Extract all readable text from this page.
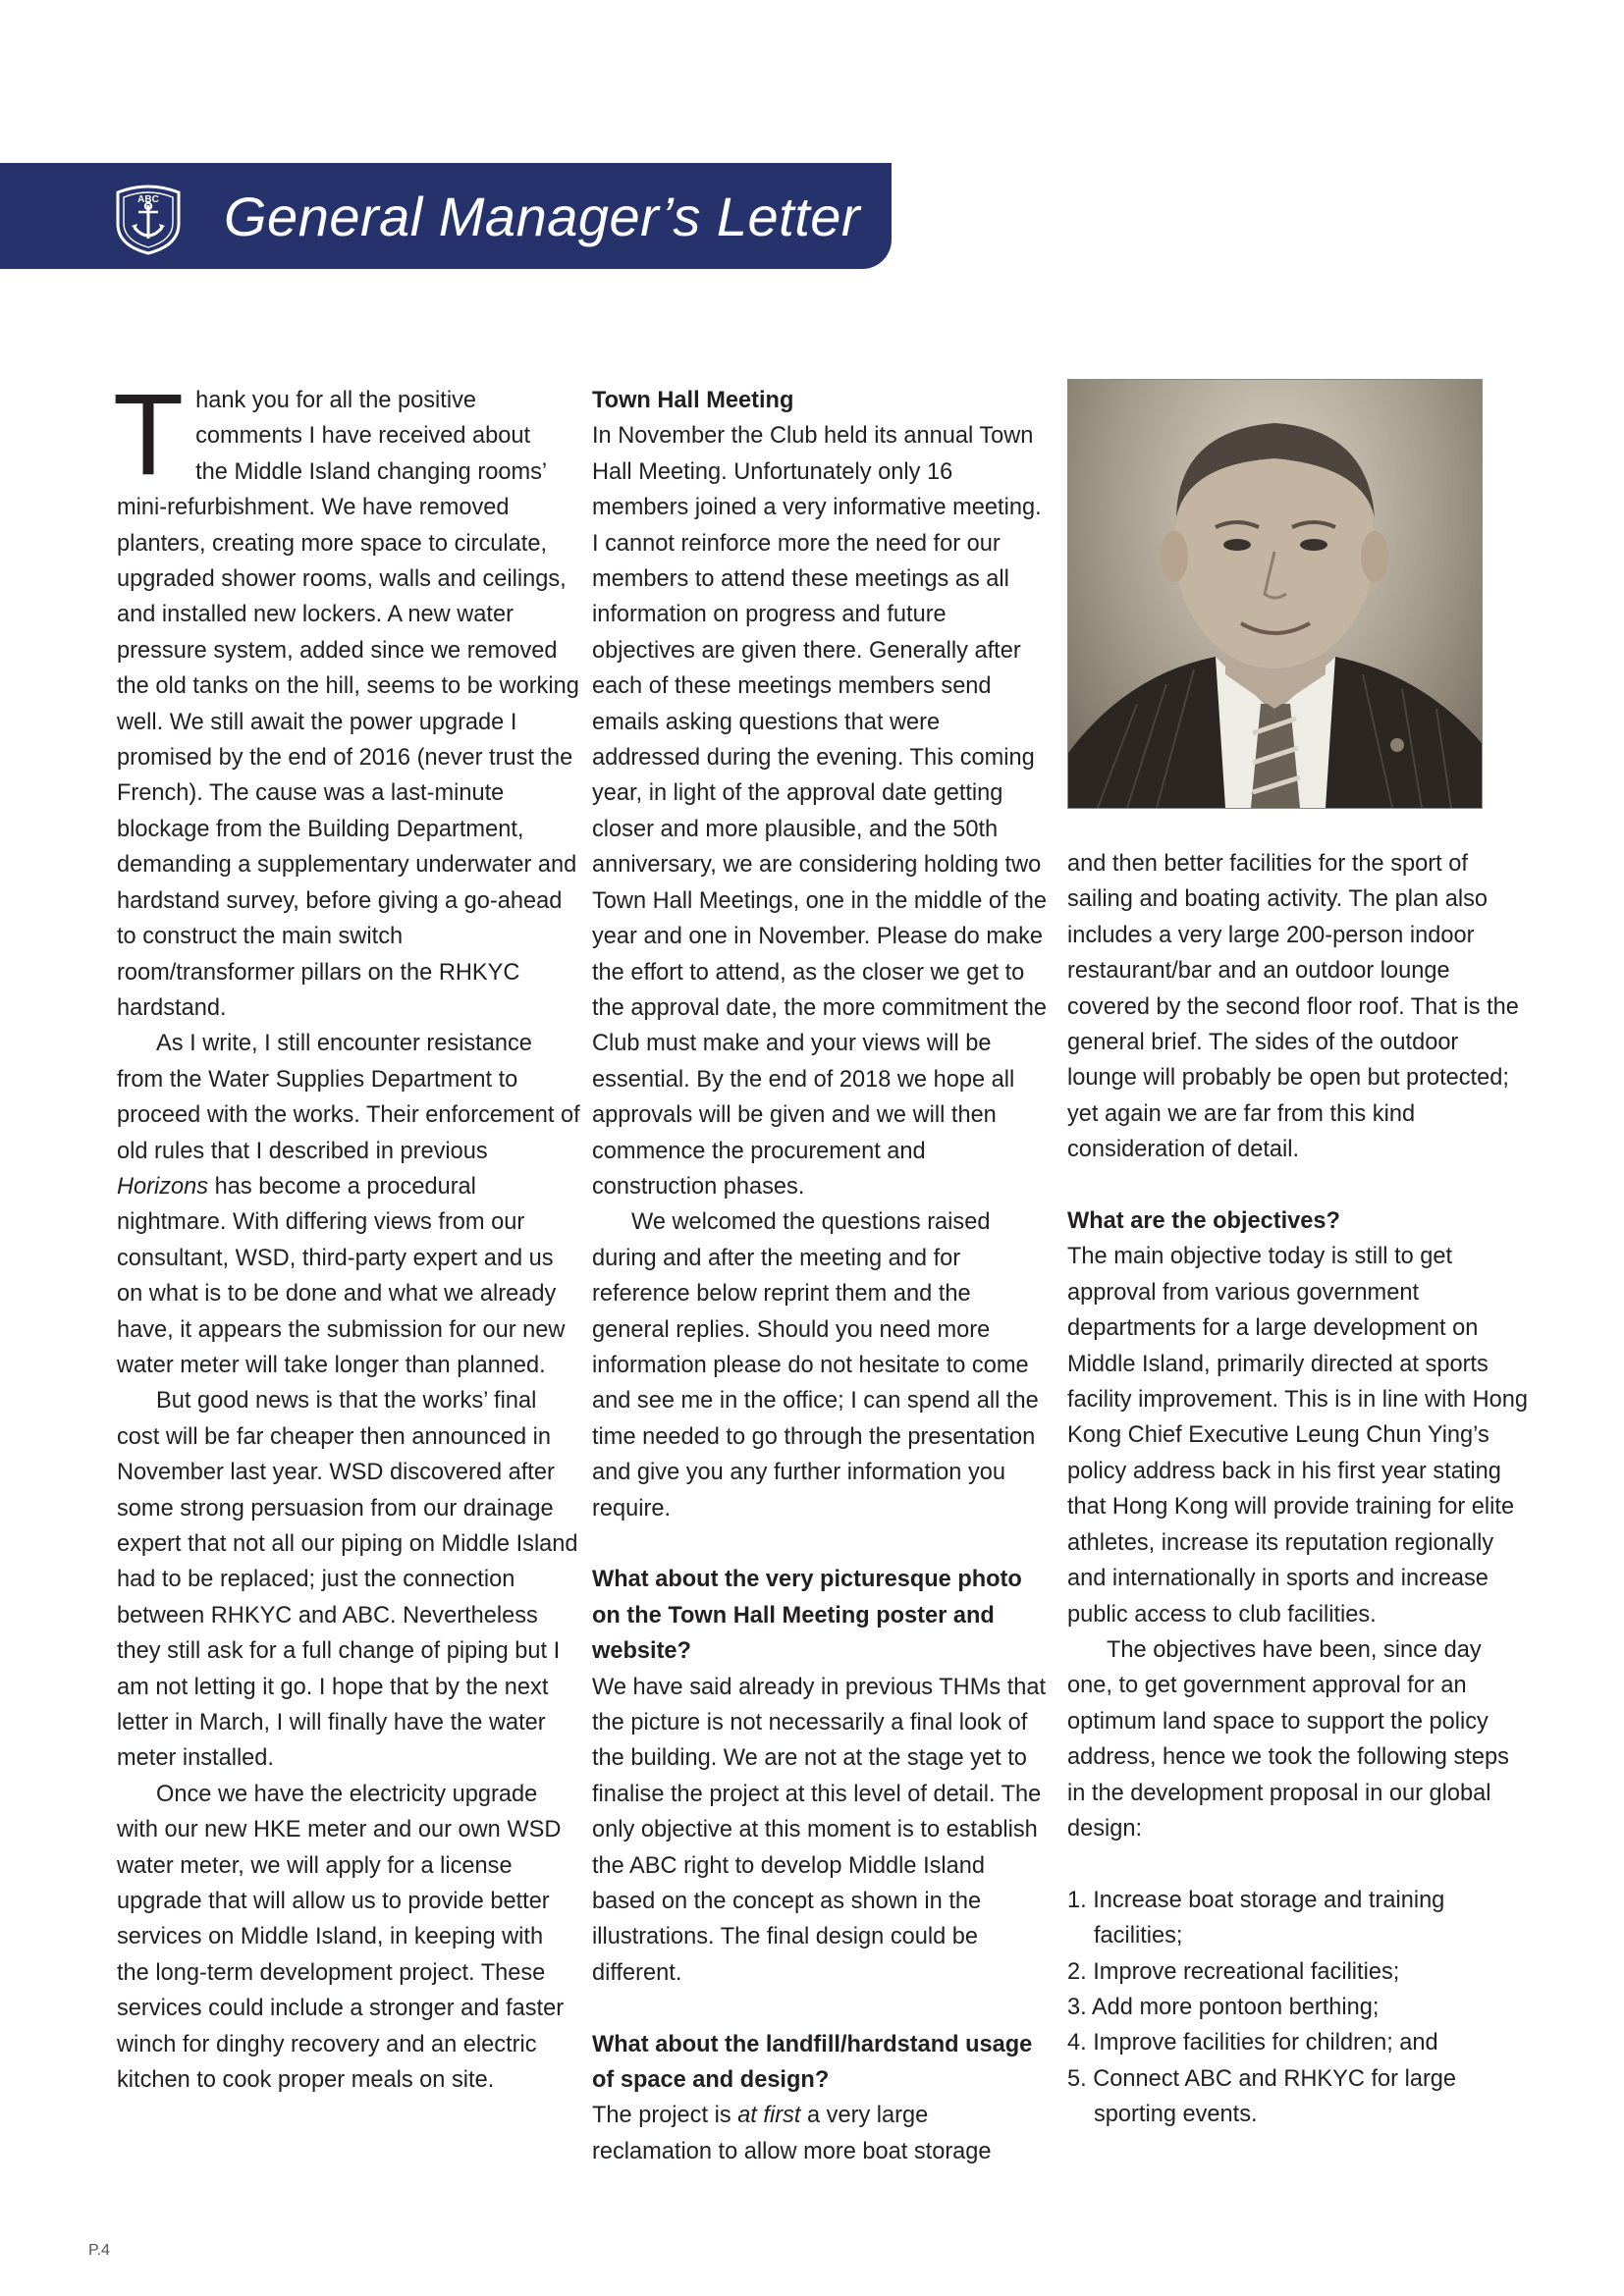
ABC General Manager’s Letter

T hank you for all the positive
comments I have received about
the Middle Island changing rooms’
mini-refurbishment. We have removed planters, creating more space to circulate, upgraded shower rooms, walls and ceilings, and installed new lockers. A new water pressure system, added since we removed the old tanks on the hill, seems to be working well. We still await the power upgrade I promised by the end of 2016 (never trust the French). The cause was a last-minute blockage from the Building Department, demanding a supplementary underwater and hardstand survey, before giving a go-ahead to construct the main switch room/transformer pillars on the RHKYC hardstand.

As I write, I still encounter resistance from the Water Supplies Department to proceed with the works. Their enforcement of old rules that I described in previous Horizons has become a procedural nightmare. With differing views from our consultant, WSD, third-party expert and us on what is to be done and what we already have, it appears the submission for our new water meter will take longer than planned.

But good news is that the works’ final cost will be far cheaper then announced in November last year. WSD discovered after some strong persuasion from our drainage expert that not all our piping on Middle Island had to be replaced; just the connection between RHKYC and ABC. Nevertheless they still ask for a full change of piping but I am not letting it go. I hope that by the next letter in March, I will finally have the water meter installed.

Once we have the electricity upgrade with our new HKE meter and our own WSD water meter, we will apply for a license upgrade that will allow us to provide better services on Middle Island, in keeping with the long-term development project. These services could include a stronger and faster winch for dinghy recovery and an electric kitchen to cook proper meals on site.

Town Hall Meeting

In November the Club held its annual Town Hall Meeting. Unfortunately only 16 members joined a very informative meeting. I cannot reinforce more the need for our members to attend these meetings as all information on progress and future objectives are given there. Generally after each of these meetings members send emails asking questions that were addressed during the evening. This coming year, in light of the approval date getting closer and more plausible, and the 50th anniversary, we are considering holding two Town Hall Meetings, one in the middle of the year and one in November. Please do make the effort to attend, as the closer we get to the approval date, the more commitment the Club must make and your views will be essential. By the end of 2018 we hope all approvals will be given and we will then commence the procurement and construction phases.

We welcomed the questions raised during and after the meeting and for reference below reprint them and the general replies. Should you need more information please do not hesitate to come and see me in the office; I can spend all the time needed to go through the presentation and give you any further information you require.

What about the very picturesque photo on the Town Hall Meeting poster and website?

We have said already in previous THMs that the picture is not necessarily a final look of the building. We are not at the stage yet to finalise the project at this level of detail. The only objective at this moment is to establish the ABC right to develop Middle Island based on the concept as shown in the illustrations. The final design could be different.

What about the landfill/hardstand usage of space and design?

The project is at first a very large reclamation to allow more boat storage

and then better facilities for the sport of sailing and boating activity. The plan also includes a very large 200-person indoor restaurant/bar and an outdoor lounge covered by the second floor roof. That is the general brief. The sides of the outdoor lounge will probably be open but protected; yet again we are far from this kind consideration of detail.

What are the objectives?

The main objective today is still to get approval from various government departments for a large development on Middle Island, primarily directed at sports facility improvement. This is in line with Hong Kong Chief Executive Leung Chun Ying’s policy address back in his first year stating that Hong Kong will provide training for elite athletes, increase its reputation regionally and internationally in sports and increase public access to club facilities.

The objectives have been, since day one, to get government approval for an optimum land space to support the policy address, hence we took the following steps in the development proposal in our global design:

1. Increase boat storage and training facilities;
2. Improve recreational facilities;
3. Add more pontoon berthing;
4. Improve facilities for children; and
5. Connect ABC and RHKYC for large sporting events.
P.4
